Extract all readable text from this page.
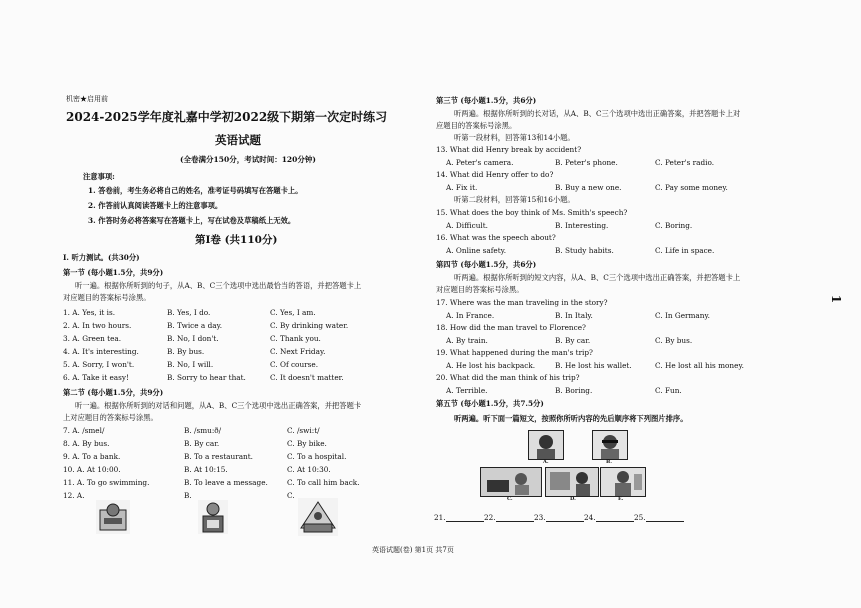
机密★启用前
2024-2025学年度礼嘉中学初2022级下期第一次定时练习
英语试题
(全卷满分150分，考试时间：120分钟)
注意事项:
1. 答卷前，考生务必将自己的姓名，准考证号码填写在答题卡上。
2. 作答前认真阅读答题卡上的注意事项。
3. 作答时务必将答案写在答题卡上，写在试卷及草稿纸上无效。
第Ⅰ卷 (共110分)
Ⅰ. 听力测试。(共30分)
第一节 (每小题1.5分，共9分)
听一遍。根据你所听到的句子，从A、B、C三个选项中选出最恰当的答语，并把答题卡上
对应题目的答案标号涂黑。
1. A. Yes, it is.	B. Yes, I do.	C. Yes, I am.
2. A. In two hours.	B. Twice a day.	C. By drinking water.
3. A. Green tea.	B. No, I don't.	C. Thank you.
4. A. It's interesting.	B. By bus.	C. Next Friday.
5. A. Sorry, I won't.	B. No, I will.	C. Of course.
6. A. Take it easy!	B. Sorry to hear that.	C. It doesn't matter.
第二节 (每小题1.5分，共9分)
听一遍。根据你所听到的对话和问题，从A、B、C三个选项中选出正确答案，并把答题卡
上对应题目的答案标号涂黑。
7. A. /smel/	B. /smu:ð/	C. /swi:t/
8. A. By bus.	B. By car.	C. By bike.
9. A. To a bank.	B. To a restaurant.	C. To a hospital.
10. A. At 10:00.	B. At 10:15.	C. At 10:30.
11. A. To go swimming.	B. To leave a message.	C. To call him back.
12. A.	B.	C.
第三节 (每小题1.5分，共6分)
听两遍。根据你所听到的长对话，从A、B、C三个选项中选出正确答案，并把答题卡上对
应题目的答案标号涂黑。
听第一段材料，回答第13和14小题。
13. What did Henry break by accident?
A. Peter's camera.	B. Peter's phone.	C. Peter's radio.
14. What did Henry offer to do?
A. Fix it.	B. Buy a new one.	C. Pay some money.
听第二段材料，回答第15和16小题。
15. What does the boy think of Ms. Smith's speech?
A. Difficult.	B. Interesting.	C. Boring.
16. What was the speech about?
A. Online safety.	B. Study habits.	C. Life in space.
第四节 (每小题1.5分，共6分)
听两遍。根据你所听到的短文内容，从A、B、C三个选项中选出正确答案，并把答题卡上
对应题目的答案标号涂黑。
17. Where was the man traveling in the story?
A. In France.	B. In Italy.	C. In Germany.
18. How did the man travel to Florence?
A. By train.	B. By car.	C. By bus.
19. What happened during the man's trip?
A. He lost his backpack.	B. He lost his wallet.	C. He lost all his money.
20. What did the man think of his trip?
A. Terrible.	B. Boring.	C. Fun.
第五节 (每小题1.5分，共7.5分)
听两遍。听下面一篇短文，按照你所听内容的先后顺序将下列图片排序。
A.	B.
C.	D.	E.
21.	22.	23.	24.	25.
英语试题(卷) 第1页 共7页
1
